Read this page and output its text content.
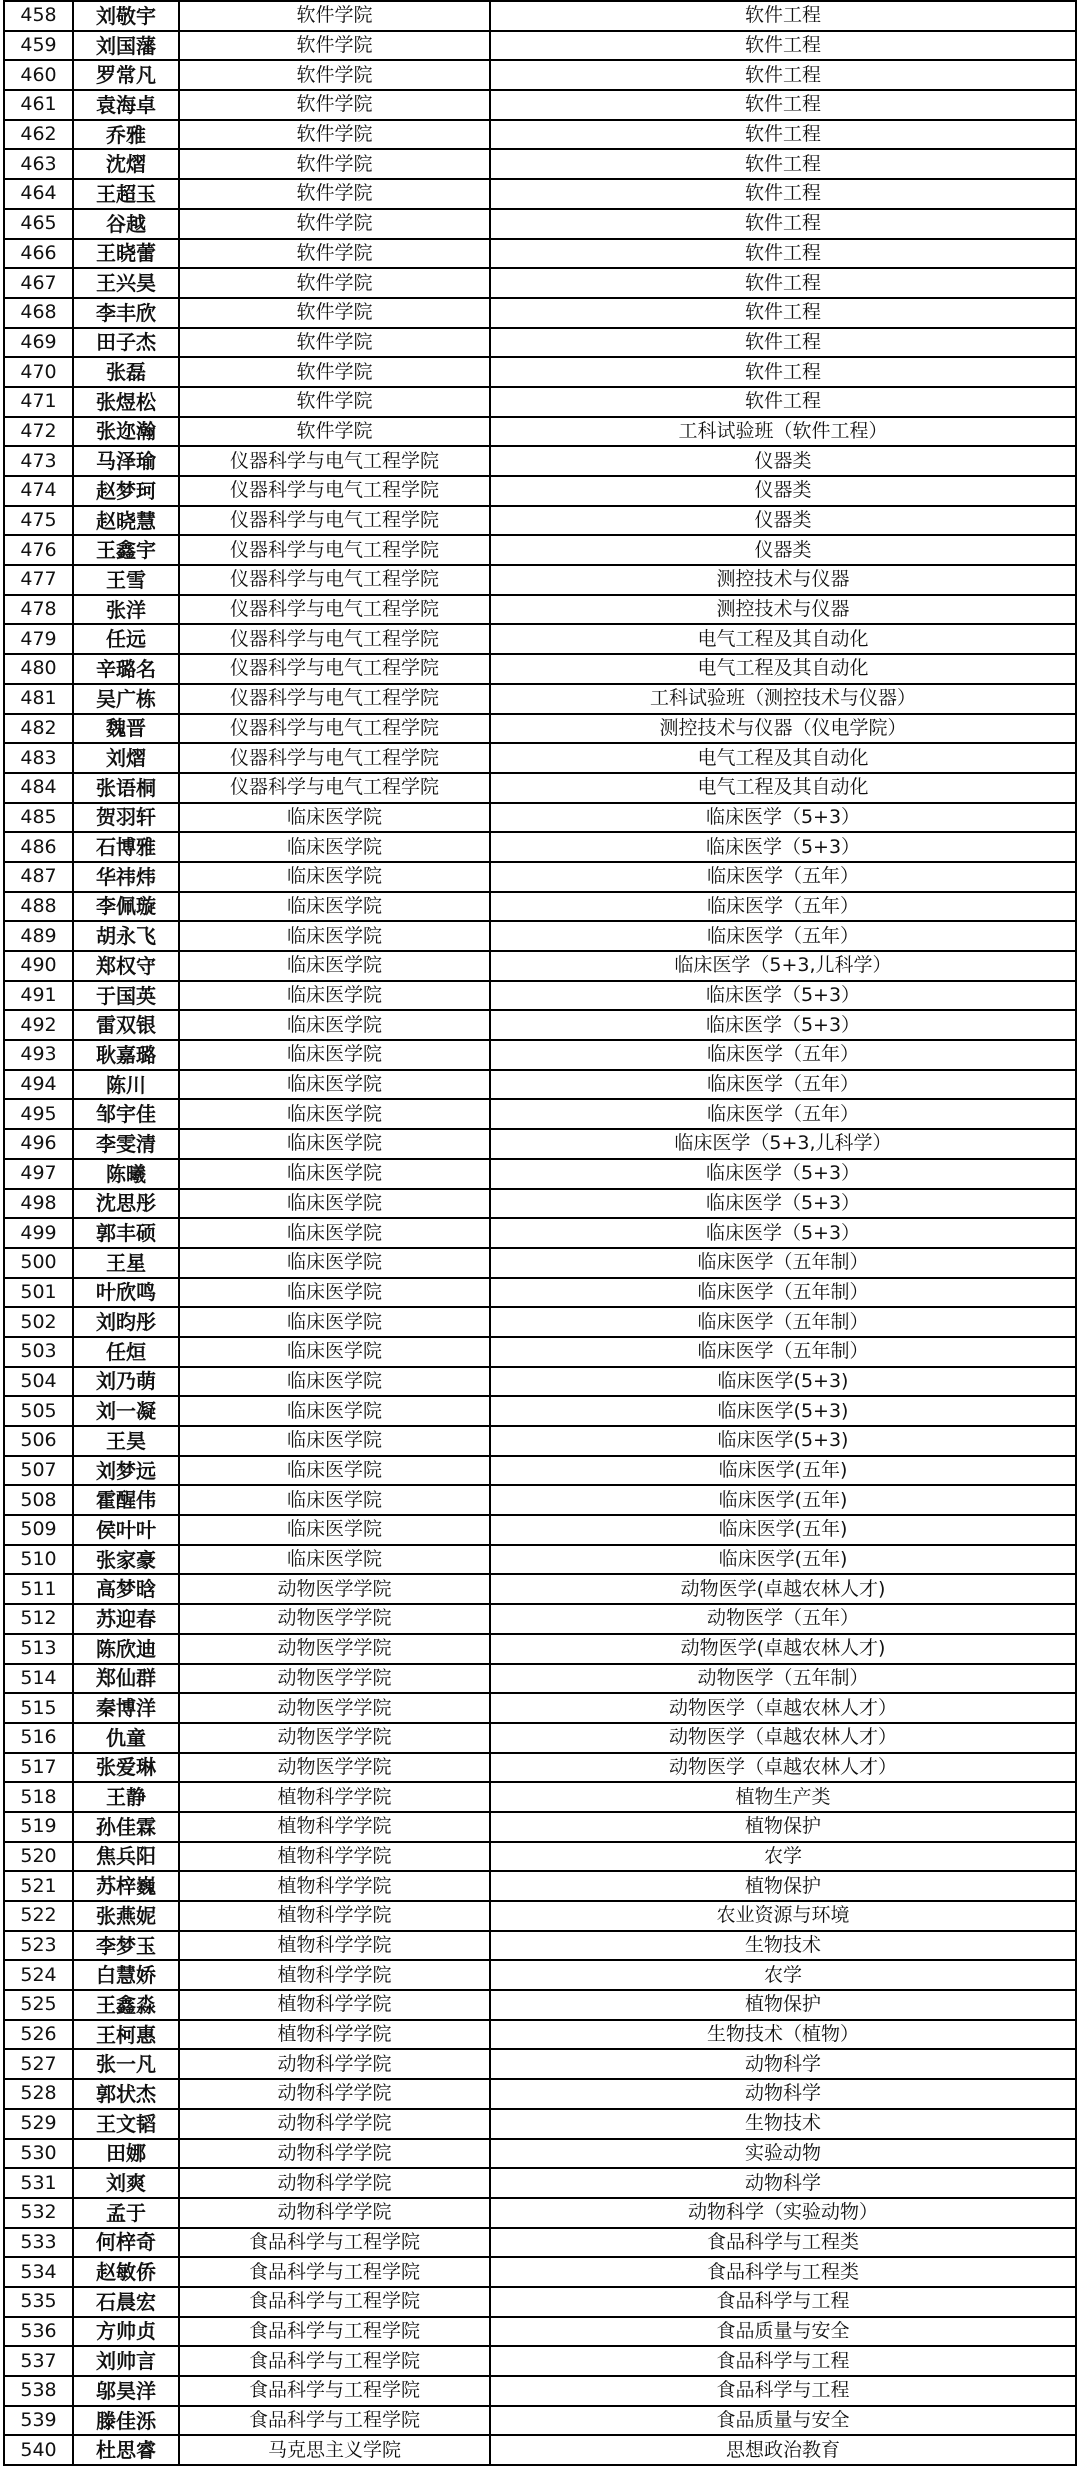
458	刘敬宇	软件学院	软件工程
459	刘国藩	软件学院	软件工程
460	罗常凡	软件学院	软件工程
461	袁海卓	软件学院	软件工程
462	乔雅	软件学院	软件工程
463	沈熠	软件学院	软件工程
464	王超玉	软件学院	软件工程
465	谷越	软件学院	软件工程
466	王晓蕾	软件学院	软件工程
467	王兴昊	软件学院	软件工程
468	李丰欣	软件学院	软件工程
469	田子杰	软件学院	软件工程
470	张磊	软件学院	软件工程
471	张煜松	软件学院	软件工程
472	张迩瀚	软件学院	工科试验班（软件工程）
473	马泽瑜	仪器科学与电气工程学院	仪器类
474	赵梦珂	仪器科学与电气工程学院	仪器类
475	赵晓慧	仪器科学与电气工程学院	仪器类
476	王鑫宇	仪器科学与电气工程学院	仪器类
477	王雪	仪器科学与电气工程学院	测控技术与仪器
478	张洋	仪器科学与电气工程学院	测控技术与仪器
479	任远	仪器科学与电气工程学院	电气工程及其自动化
480	辛璐名	仪器科学与电气工程学院	电气工程及其自动化
481	吴广栋	仪器科学与电气工程学院	工科试验班（测控技术与仪器）
482	魏晋	仪器科学与电气工程学院	测控技术与仪器（仪电学院）
483	刘熠	仪器科学与电气工程学院	电气工程及其自动化
484	张语桐	仪器科学与电气工程学院	电气工程及其自动化
485	贺羽轩	临床医学院	临床医学（5+3）
486	石博雅	临床医学院	临床医学（5+3）
487	华祎炜	临床医学院	临床医学（五年）
488	李佩璇	临床医学院	临床医学（五年）
489	胡永飞	临床医学院	临床医学（五年）
490	郑权守	临床医学院	临床医学（5+3,儿科学）
491	于国英	临床医学院	临床医学（5+3）
492	雷双银	临床医学院	临床医学（5+3）
493	耿嘉璐	临床医学院	临床医学（五年）
494	陈川	临床医学院	临床医学（五年）
495	邹宇佳	临床医学院	临床医学（五年）
496	李雯清	临床医学院	临床医学（5+3,儿科学）
497	陈曦	临床医学院	临床医学（5+3）
498	沈思彤	临床医学院	临床医学（5+3）
499	郭丰硕	临床医学院	临床医学（5+3）
500	王星	临床医学院	临床医学（五年制）
501	叶欣鸣	临床医学院	临床医学（五年制）
502	刘昀彤	临床医学院	临床医学（五年制）
503	任烜	临床医学院	临床医学（五年制）
504	刘乃萌	临床医学院	临床医学(5+3)
505	刘一凝	临床医学院	临床医学(5+3)
506	王昊	临床医学院	临床医学(5+3)
507	刘梦远	临床医学院	临床医学(五年)
508	霍醒伟	临床医学院	临床医学(五年)
509	侯叶叶	临床医学院	临床医学(五年)
510	张家豪	临床医学院	临床医学(五年)
511	高梦晗	动物医学学院	动物医学(卓越农林人才)
512	苏迎春	动物医学学院	动物医学（五年）
513	陈欣迪	动物医学学院	动物医学(卓越农林人才)
514	郑仙群	动物医学学院	动物医学（五年制）
515	秦博洋	动物医学学院	动物医学（卓越农林人才）
516	仇童	动物医学学院	动物医学（卓越农林人才）
517	张爱琳	动物医学学院	动物医学（卓越农林人才）
518	王静	植物科学学院	植物生产类
519	孙佳霖	植物科学学院	植物保护
520	焦兵阳	植物科学学院	农学
521	苏梓巍	植物科学学院	植物保护
522	张燕妮	植物科学学院	农业资源与环境
523	李梦玉	植物科学学院	生物技术
524	白慧娇	植物科学学院	农学
525	王鑫淼	植物科学学院	植物保护
526	王柯惠	植物科学学院	生物技术（植物）
527	张一凡	动物科学学院	动物科学
528	郭状杰	动物科学学院	动物科学
529	王文韬	动物科学学院	生物技术
530	田娜	动物科学学院	实验动物
531	刘爽	动物科学学院	动物科学
532	孟于	动物科学学院	动物科学（实验动物）
533	何梓奇	食品科学与工程学院	食品科学与工程类
534	赵敏侨	食品科学与工程学院	食品科学与工程类
535	石晨宏	食品科学与工程学院	食品科学与工程
536	方帅贞	食品科学与工程学院	食品质量与安全
537	刘帅言	食品科学与工程学院	食品科学与工程
538	邬昊洋	食品科学与工程学院	食品科学与工程
539	滕佳泺	食品科学与工程学院	食品质量与安全
540	杜思睿	马克思主义学院	思想政治教育
